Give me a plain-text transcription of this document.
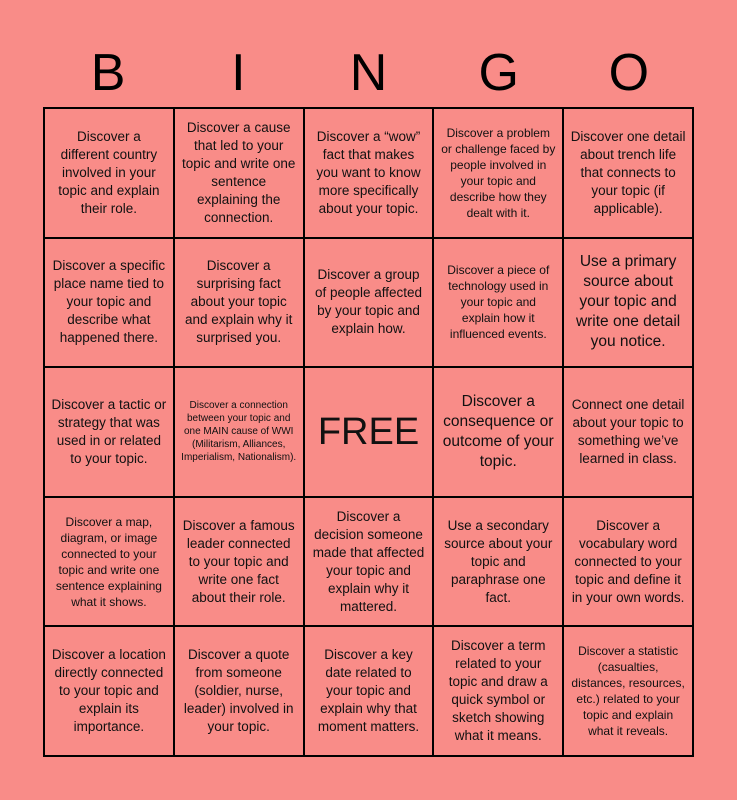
B	I	N	G	O
Discover a different country involved in your topic and explain their role.
Discover a cause that led to your topic and write one sentence explaining the connection.
Discover a “wow” fact that makes you want to know more specifically about your topic.
Discover a problem or challenge faced by people involved in your topic and describe how they dealt with it.
Discover one detail about trench life that connects to your topic (if applicable).
Discover a specific place name tied to your topic and describe what happened there.
Discover a surprising fact about your topic and explain why it surprised you.
Discover a group of people affected by your topic and explain how.
Discover a piece of technology used in your topic and explain how it influenced events.
Use a primary source about your topic and write one detail you notice.
Discover a tactic or strategy that was used in or related to your topic.
Discover a connection between your topic and one MAIN cause of WWI (Militarism, Alliances, Imperialism, Nationalism).
FREE
Discover a consequence or outcome of your topic.
Connect one detail about your topic to something we’ve learned in class.
Discover a map, diagram, or image connected to your topic and write one sentence explaining what it shows.
Discover a famous leader connected to your topic and write one fact about their role.
Discover a decision someone made that affected your topic and explain why it mattered.
Use a secondary source about your topic and paraphrase one fact.
Discover a vocabulary word connected to your topic and define it in your own words.
Discover a location directly connected to your topic and explain its importance.
Discover a quote from someone (soldier, nurse, leader) involved in your topic.
Discover a key date related to your topic and explain why that moment matters.
Discover a term related to your topic and draw a quick symbol or sketch showing what it means.
Discover a statistic (casualties, distances, resources, etc.) related to your topic and explain what it reveals.
